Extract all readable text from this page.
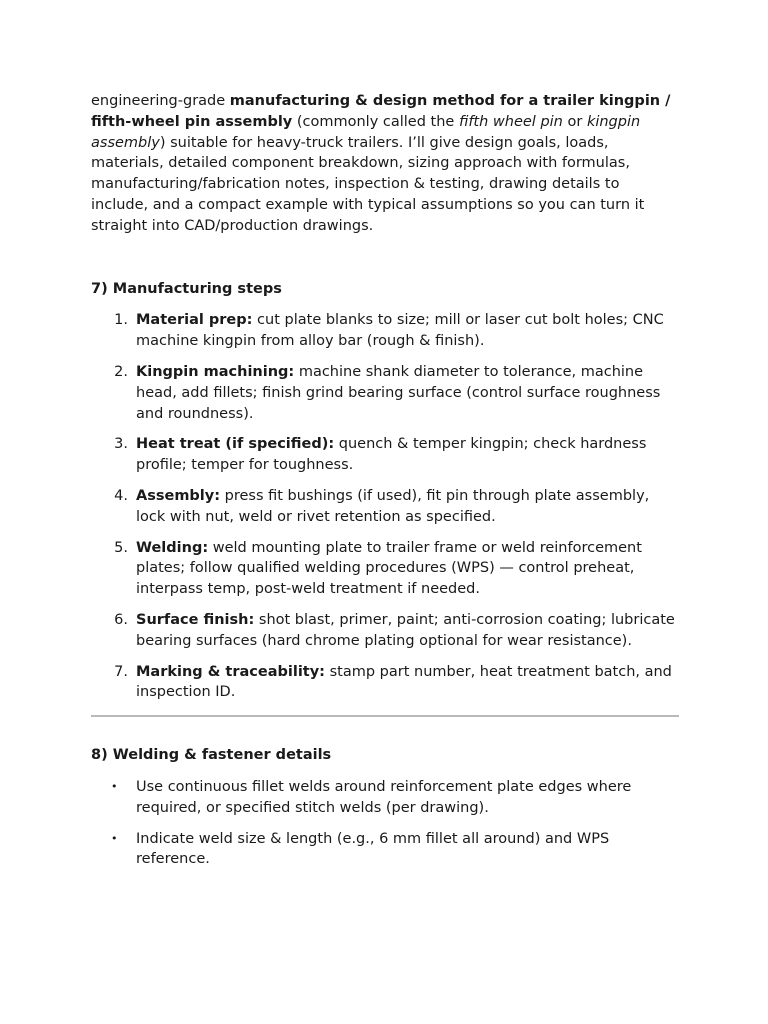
engineering-grade manufacturing & design method for a trailer kingpin / fifth-wheel pin assembly (commonly called the fifth wheel pin or kingpin assembly) suitable for heavy-truck trailers. I’ll give design goals, loads, materials, detailed component breakdown, sizing approach with formulas, manufacturing/fabrication notes, inspection & testing, drawing details to include, and a compact example with typical assumptions so you can turn it straight into CAD/production drawings.

7) Manufacturing steps

1. Material prep: cut plate blanks to size; mill or laser cut bolt holes; CNC machine kingpin from alloy bar (rough & finish).
2. Kingpin machining: machine shank diameter to tolerance, machine head, add fillets; finish grind bearing surface (control surface roughness and roundness).
3. Heat treat (if specified): quench & temper kingpin; check hardness profile; temper for toughness.
4. Assembly: press fit bushings (if used), fit pin through plate assembly, lock with nut, weld or rivet retention as specified.
5. Welding: weld mounting plate to trailer frame or weld reinforcement plates; follow qualified welding procedures (WPS) — control preheat, interpass temp, post-weld treatment if needed.
6. Surface finish: shot blast, primer, paint; anti-corrosion coating; lubricate bearing surfaces (hard chrome plating optional for wear resistance).
7. Marking & traceability: stamp part number, heat treatment batch, and inspection ID.

8) Welding & fastener details

• Use continuous fillet welds around reinforcement plate edges where required, or specified stitch welds (per drawing).
• Indicate weld size & length (e.g., 6 mm fillet all around) and WPS reference.
